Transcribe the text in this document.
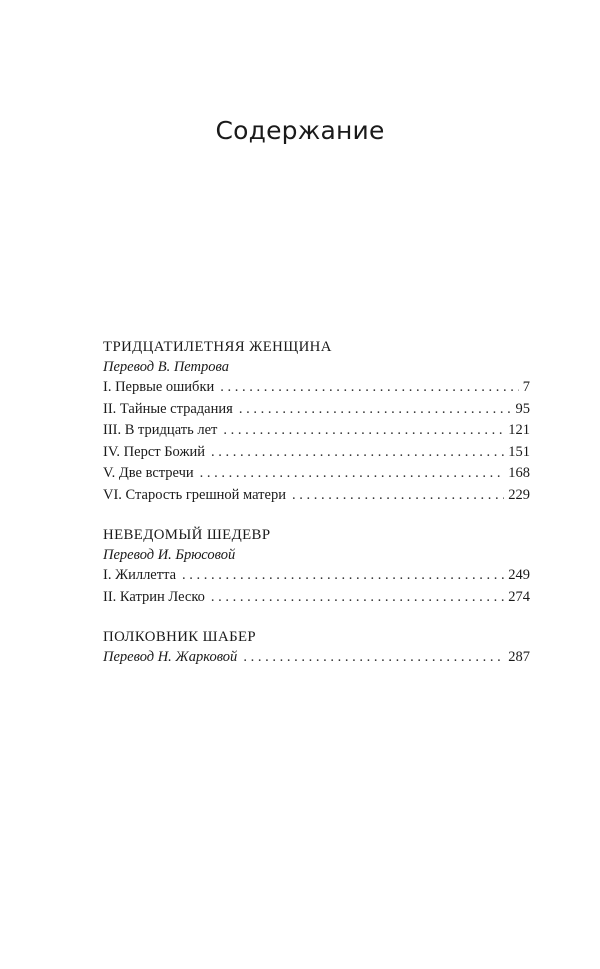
Содержание
ТРИДЦАТИЛЕТНЯЯ ЖЕНЩИНА
Перевод В. Петрова
I. Первые ошибки . . .	7
II. Тайные страдания . . .	95
III. В тридцать лет . . .	121
IV. Перст Божий . . .	151
V. Две встречи . . .	168
VI. Старость грешной матери . . .	229
НЕВЕДОМЫЙ ШЕДЕВР
Перевод И. Брюсовой
I. Жиллетта . . .	249
II. Катрин Леско . . .	274
ПОЛКОВНИК ШАБЕР
Перевод Н. Жарковой . . .	287
